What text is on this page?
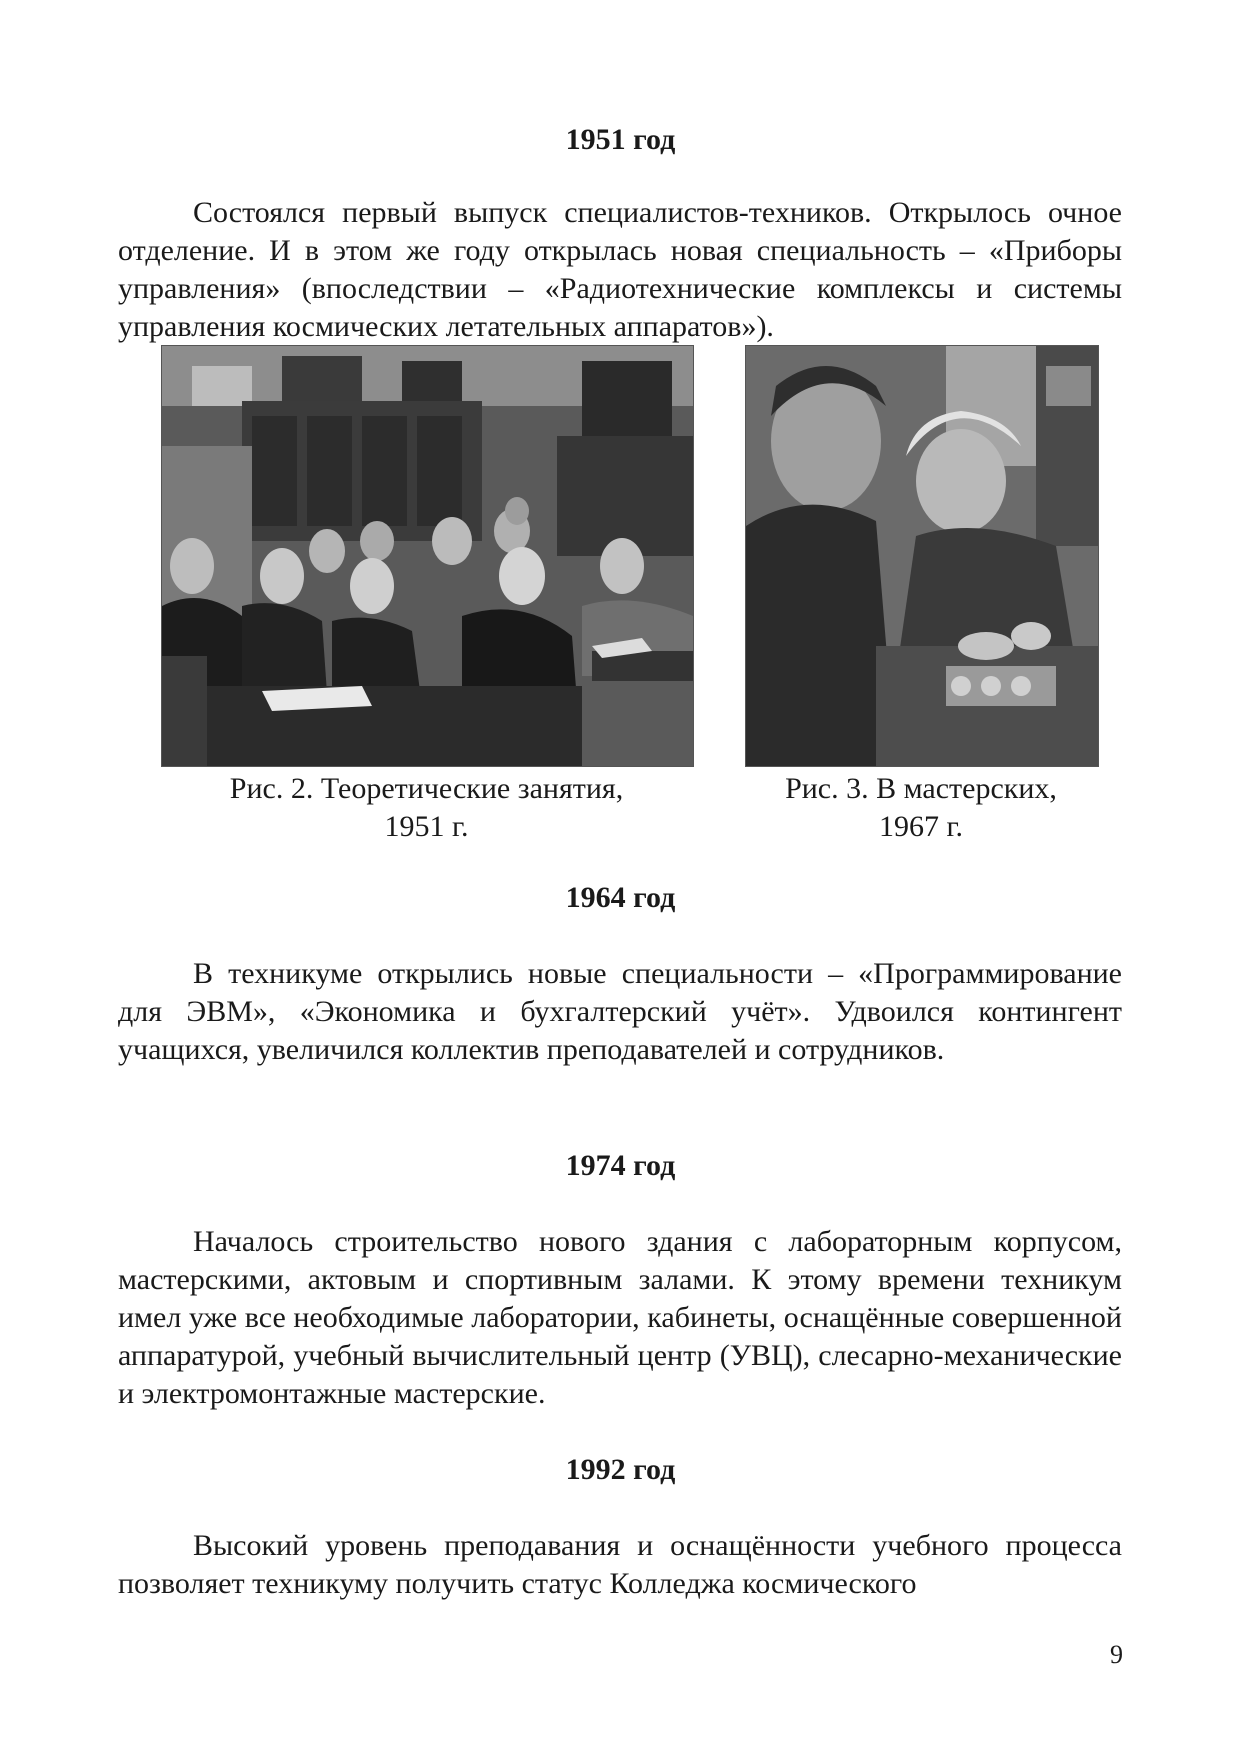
1951 год

Состоялся первый выпуск специалистов-техников. Открылось очное отделение. И в этом же году открылась новая специальность – «Приборы управления» (впоследствии – «Радиотехнические комплексы и системы управления космических летательных аппаратов»).

Рис. 2. Теоретические занятия,

1951 г.

Рис. 3. В мастерских,

1967 г.

1964 год

В техникуме открылись новые специальности – «Программирование для ЭВМ», «Экономика и бухгалтерский учёт». Удвоился контингент учащихся, увеличился коллектив преподавателей и сотрудников.

1974 год

Началось строительство нового здания с лабораторным корпусом, мастерскими, актовым и спортивным залами. К этому времени техникум имел уже все необходимые лаборатории, кабинеты, оснащённые совершенной аппаратурой, учебный вычислительный центр (УВЦ), слесарно-механические и электромонтажные мастерские.

1992 год

Высокий уровень преподавания и оснащённости учебного процесса позволяет техникуму получить статус Колледжа космического

9
